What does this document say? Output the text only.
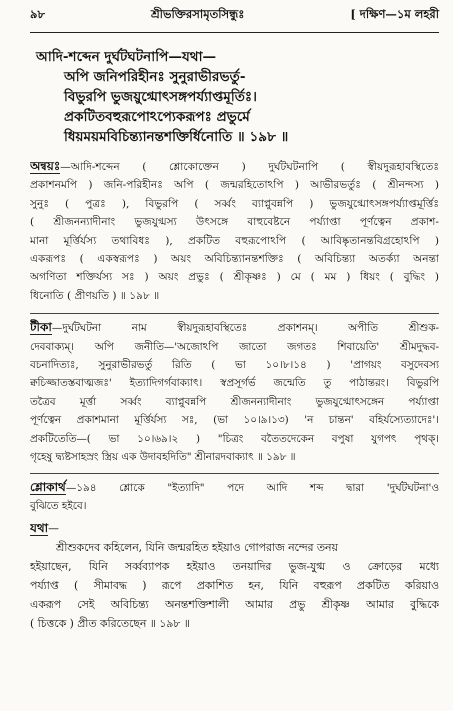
৯৮	শ্রীভক্তিরসামৃতসিন্ধুঃ	[ দক্ষিণ—১ম লহরী
আদি-শব্দেন দুর্ঘটঘটনাপি—যথা—
অপি জনিপরিহীনঃ সুনুরাভীরভর্তু-
বিভুরপি ভুজয়ুগ্মোৎসঙ্গপর্য্যাপ্তমূর্তিঃ।
প্রকটিতবহুরূপোঽপ্যেকরূপঃ প্রভুর্মে
ধিয়ময়মবিচিন্ত্যানন্তশক্তির্ধিনোতি ॥ ১৯৮ ॥
অন্বয়ঃ—আদি-শব্দেন ( শ্লোকোক্তেন ) দুর্ঘটঘটনাপি ( স্বীয়দুরূহাবস্থিতেঃ
প্রকাশনমপি ) জনি-পরিহীনঃ অপি ( জন্মরহিতোঽপি ) আভীরভর্তুঃ ( শ্রীনন্দস্য )
সুনুঃ ( পুত্রঃ ), বিভুরপি ( সর্ব্বং ব্যাপ্নুবন্নপি ) ভুজযুগ্মোৎসঙ্গপর্য্যাপ্তমূর্ত্তিঃ
( শ্রীজনন্যাদীনাং ভুজযুগ্মস্য উৎসঙ্গে বাহুবেষ্টনে পর্য্যাপ্তা পূর্ণত্বেন প্রকাশ-
মানা মূর্ত্তির্যস্য তথাবিধঃ ), প্রকটিত বহুরূপোঽপি ( আবিষ্কৃতানন্তবিগ্রহোঽপি )
একরূপঃ ( একস্বরূপঃ ) অয়ং অবিচিন্ত্যানন্তশক্তিঃ ( অবিচিন্ত্যা অতর্ক্যা অনন্তা
অগণিতা শক্তির্যস্য সঃ ) অয়ং প্রভুঃ ( শ্রীকৃষ্ণঃ ) মে ( মম ) ধিয়ং ( বুদ্ধিং )
ধিনোতি ( প্রীণয়তি ) ॥ ১৯৮ ॥
টীকা—দুর্ঘটঘটনা নাম স্বীয়দুরূহাবস্থিতেঃ প্রকাশনম্। অপীতি শ্রীশুক-
দেববাক্যম্। অপি জনীতি—'অজোঽপি জাতো জগতঃ শিবায়েতি' শ্রীমদুদ্ধব-
বচনাদিত্যঃ, সুনুরাভীরভর্তু রিতি ( ভা ১০।৮।১৪ ) 'প্রাগয়ং বসুদেবস্য
ক্বচিজ্জাতস্তবাত্মজঃ' ইত্যাদিগর্গবাক্যাৎ। স্বপ্রসূর্গর্ভ জন্মেতি তু পাঠান্তরং। বিভুরপি
তত্ৰৈব মূর্ত্তা সর্ব্বং ব্যাপ্নুবন্নপি শ্রীজনন্যাদীনাং ভুজযুগ্মোৎসঙ্গেন পর্য্যাপ্তা
পূর্ণত্বেন প্রকাশমানা মূর্ত্তির্যস্য সঃ, (ভা ১০।৯।১৩) 'ন চান্তন' বহির্যস্যেত্যাদেঃ'।
প্রকটিতেতি—( ভা ১০।৬৯।২ ) "চিত্রং বতৈতদেকেন বপুষা যুগপৎ পৃথক্।
গৃহেষু দ্ব্যষ্টসাহস্রং স্ত্রিয় এক উদাবহদিতি" শ্রীনারদবাক্যাৎ ॥ ১৯৮ ॥
শ্লোকার্থ—১৯৪ শ্লোকে "ইত্যাদি" পদে আদি শব্দ দ্বারা 'দুর্ঘটঘটনা'ও
বুঝিতে হইবে।
যথা—
শ্রীশুকদেব কহিলেন, যিনি জন্মরহিত হইয়াও গোপরাজ নন্দের তনয়
হইয়াছেন, যিনি সর্ব্বব্যাপক হইয়াও তনয়াদির ভুজ-যুগ্ম ও ক্রোড়ের মধ্যে
পর্য্যাপ্ত ( সীমাবদ্ধ ) রূপে প্রকাশিত হন, যিনি বহুরূপ প্রকটিত করিয়াও
একরূপ সেই অবিচিন্ত্য অনন্তশক্তিশালী আমার প্রভু শ্রীকৃষ্ণ আমার বুদ্ধিকে
( চিত্তকে ) প্রীত করিতেছেন ॥ ১৯৮ ॥
